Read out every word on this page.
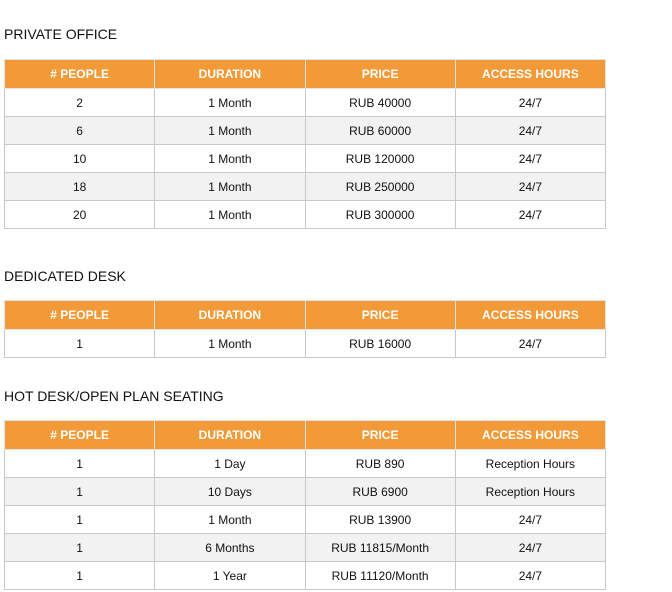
PRIVATE OFFICE
# PEOPLE	DURATION	PRICE	ACCESS HOURS
2	1 Month	RUB 40000	24/7
6	1 Month	RUB 60000	24/7
10	1 Month	RUB 120000	24/7
18	1 Month	RUB 250000	24/7
20	1 Month	RUB 300000	24/7
DEDICATED DESK
# PEOPLE	DURATION	PRICE	ACCESS HOURS
1	1 Month	RUB 16000	24/7
HOT DESK/OPEN PLAN SEATING
# PEOPLE	DURATION	PRICE	ACCESS HOURS
1	1 Day	RUB 890	Reception Hours
1	10 Days	RUB 6900	Reception Hours
1	1 Month	RUB 13900	24/7
1	6 Months	RUB 11815/Month	24/7
1	1 Year	RUB 11120/Month	24/7
